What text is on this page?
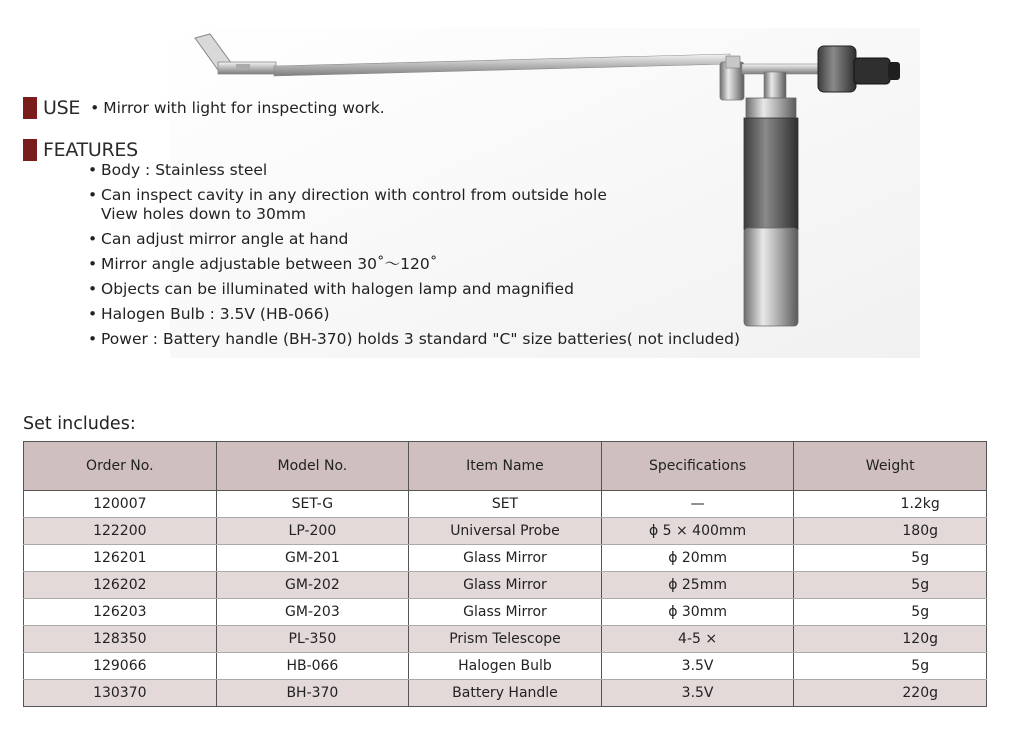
USE • Mirror with light for inspecting work.
FEATURES
• Body : Stainless steel
• Can inspect cavity in any direction with control from outside hole
View holes down to 30mm
• Can adjust mirror angle at hand
• Mirror angle adjustable between 30˚～120˚
• Objects can be illuminated with halogen lamp and magnified
• Halogen Bulb : 3.5V (HB-066)
• Power : Battery handle (BH-370) holds 3 standard "C" size batteries( not included)
Set includes:
Order No.	Model No.	Item Name	Specifications	Weight
120007	SET-G	SET	—	1.2kg
122200	LP-200	Universal Probe	ϕ 5 × 400mm	180g
126201	GM-201	Glass Mirror	ϕ 20mm	5g
126202	GM-202	Glass Mirror	ϕ 25mm	5g
126203	GM-203	Glass Mirror	ϕ 30mm	5g
128350	PL-350	Prism Telescope	4-5 ×	120g
129066	HB-066	Halogen Bulb	3.5V	5g
130370	BH-370	Battery Handle	3.5V	220g
